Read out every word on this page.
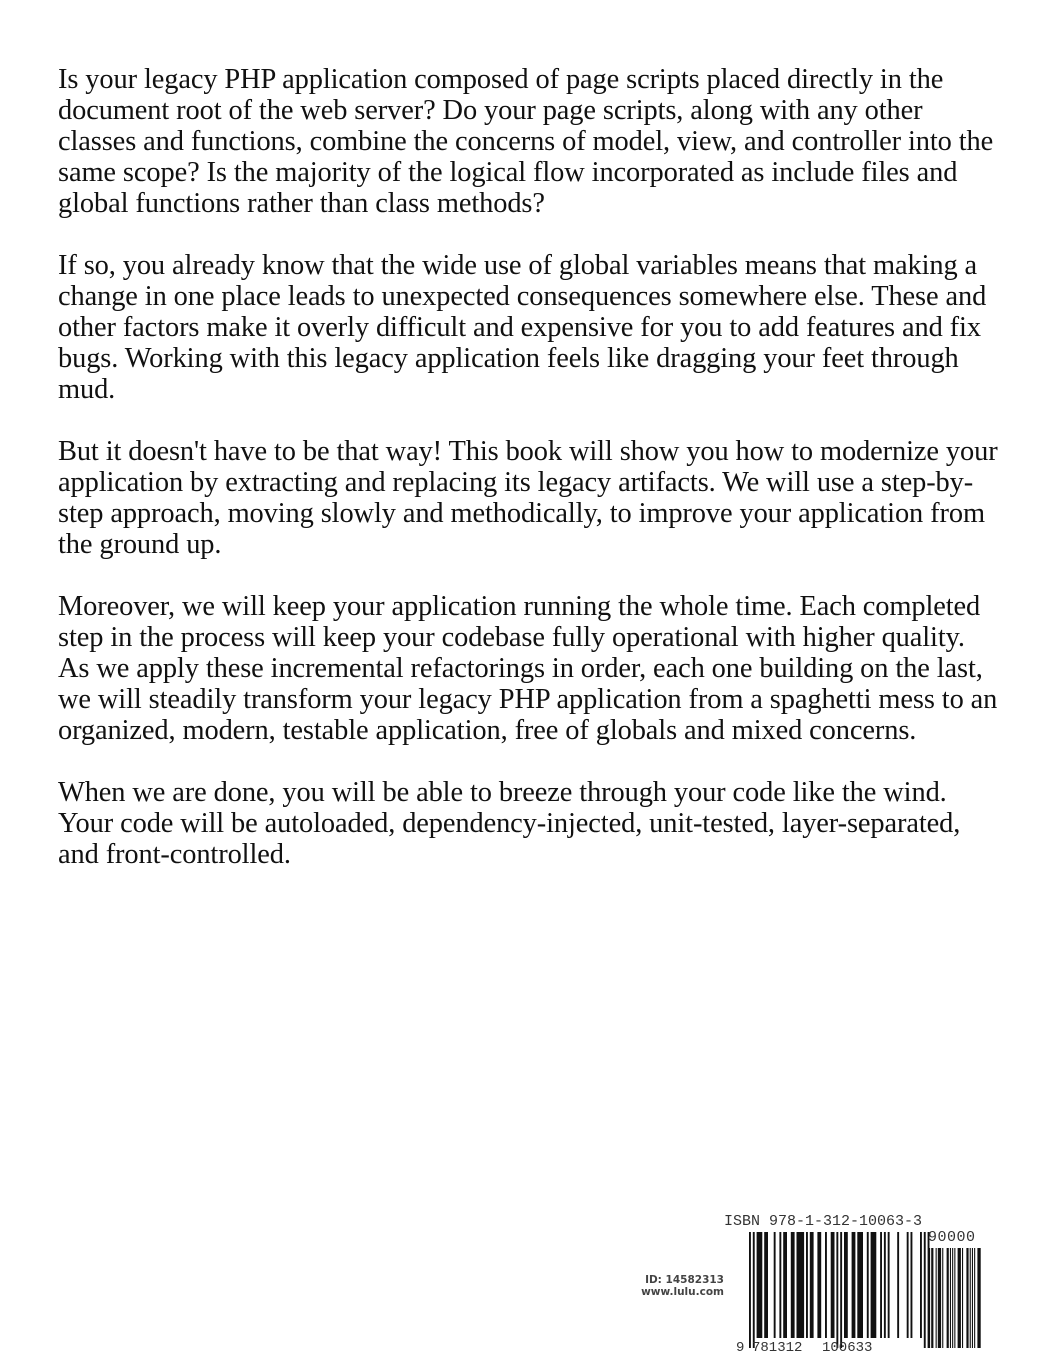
Is your legacy PHP application composed of page scripts placed directly in the document root of the web server? Do your page scripts, along with any other classes and functions, combine the concerns of model, view, and controller into the same scope? Is the majority of the logical flow incorporated as include files and global functions rather than class methods?

If so, you already know that the wide use of global variables means that making a change in one place leads to unexpected consequences somewhere else. These and other factors make it overly difficult and expensive for you to add features and fix bugs. Working with this legacy application feels like dragging your feet through mud.

But it doesn't have to be that way! This book will show you how to modernize your application by extracting and replacing its legacy artifacts. We will use a step-by-step approach, moving slowly and methodically, to improve your application from the ground up.

Moreover, we will keep your application running the whole time. Each completed step in the process will keep your codebase fully operational with higher quality. As we apply these incremental refactorings in order, each one building on the last, we will steadily transform your legacy PHP application from a spaghetti mess to an organized, modern, testable application, free of globals and mixed concerns.

When we are done, you will be able to breeze through your code like the wind. Your code will be autoloaded, dependency-injected, unit-tested, layer-separated, and front-controlled.

ID: 14582313
www.lulu.com
ISBN 978-1-312-10063-3
90000
9 781312 100633
